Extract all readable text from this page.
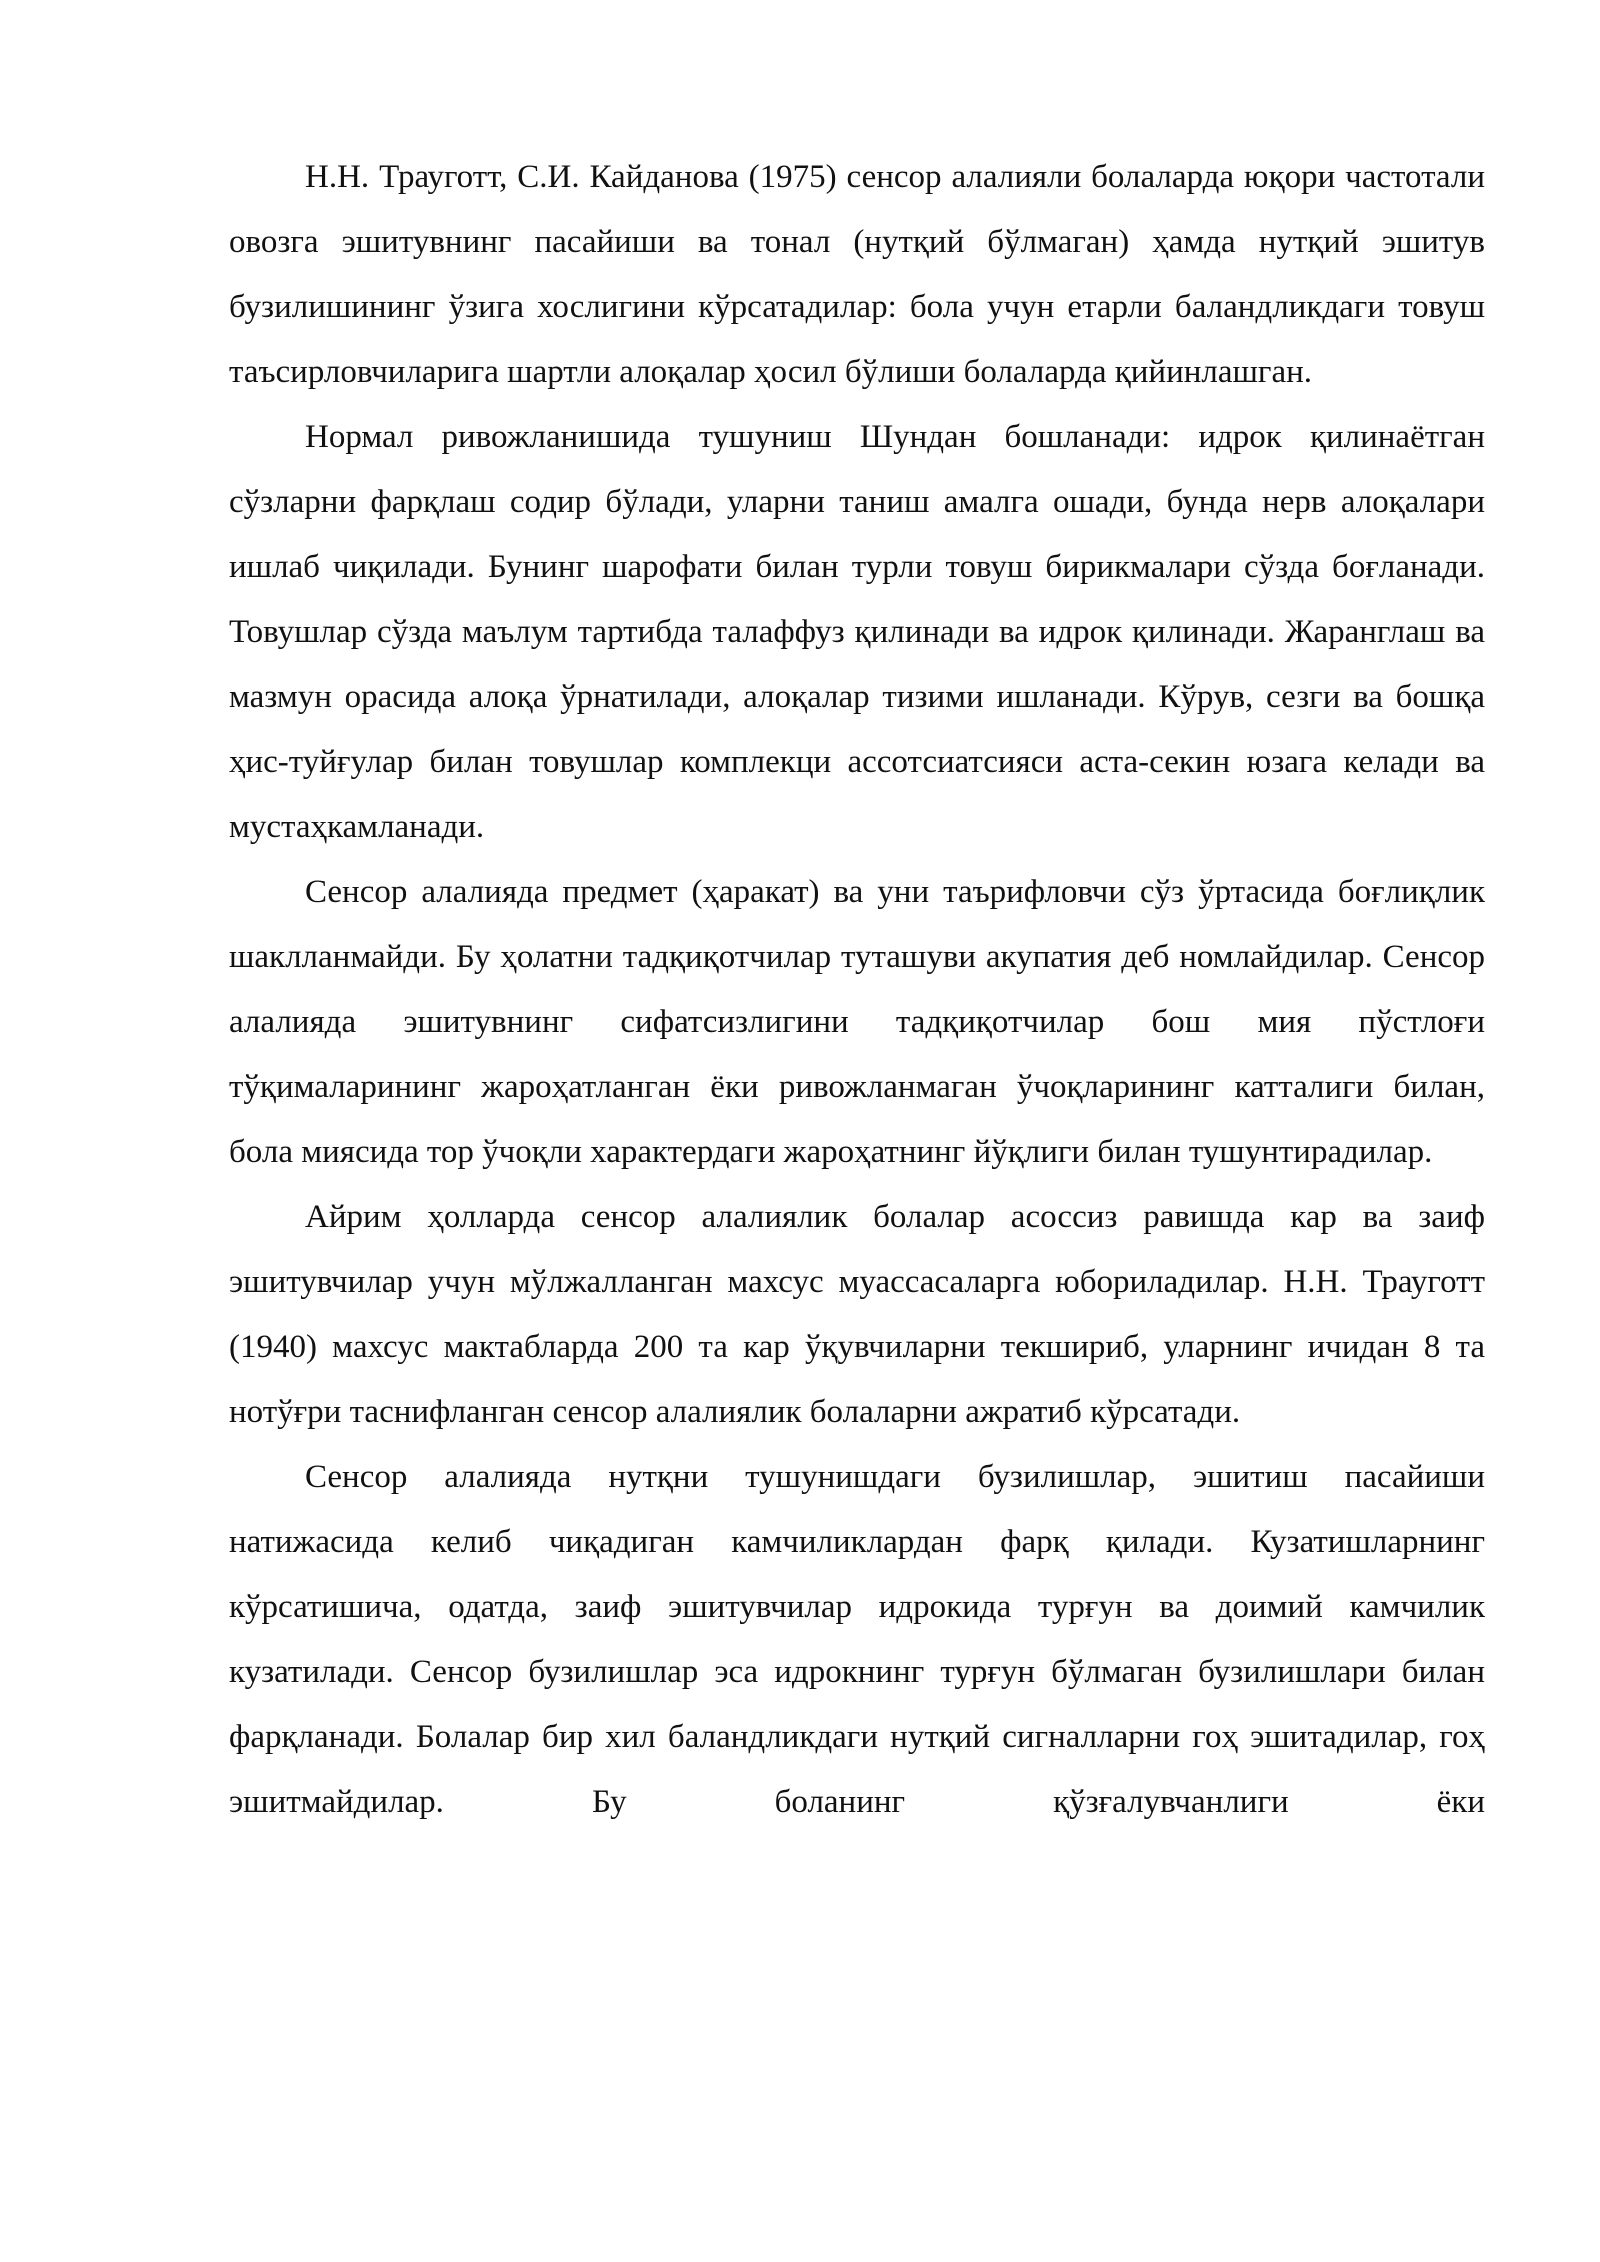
Н.Н. Трауготт, С.И. Кайданова (1975) сенсор алалияли болаларда юқори частотали овозга эшитувнинг пасайиши ва тонал (нутқий бўлмаган) ҳамда нутқий эшитув бузилишининг ўзига хослигини кўрсатадилар: бола учун етарли баландликдаги товуш таъсирловчиларига шартли алоқалар ҳосил бўлиши болаларда қийинлашган.

Нормал ривожланишида тушуниш Шундан бошланади: идрок қилинаётган сўзларни фарқлаш содир бўлади, уларни таниш амалга ошади, бунда нерв алоқалари ишлаб чиқилади. Бунинг шарофати билан турли товуш бирикмалари сўзда боғланади. Товушлар сўзда маълум тартибда талаффуз қилинади ва идрок қилинади. Жаранглаш ва мазмун орасида алоқа ўрнатилади, алоқалар тизими ишланади. Кўрув, сезги ва бошқа ҳис-туйғулар билан товушлар комплекци ассотсиатсияси аста-секин юзага келади ва мустаҳкамланади.

Сенсор алалияда предмет (ҳаракат) ва уни таърифловчи сўз ўртасида боғлиқлик шаклланмайди. Бу ҳолатни тадқиқотчилар туташуви акупатия деб номлайдилар. Сенсор алалияда эшитувнинг сифатсизлигини тадқиқотчилар бош мия пўстлоғи тўқималарининг жароҳатланган ёки ривожланмаган ўчоқларининг катталиги билан, бола миясида тор ўчоқли характердаги жароҳатнинг йўқлиги билан тушунтирадилар.

Айрим ҳолларда сенсор алалиялик болалар асоссиз равишда кар ва заиф эшитувчилар учун мўлжалланган махсус муассасаларга юбориладилар. Н.Н. Трауготт (1940) махсус мактабларда 200 та кар ўқувчиларни текшириб, уларнинг ичидан 8 та нотўғри таснифланган сенсор алалиялик болаларни ажратиб кўрсатади.

Сенсор алалияда нутқни тушунишдаги бузилишлар, эшитиш пасайиши натижасида келиб чиқадиган камчиликлардан фарқ қилади. Кузатишларнинг кўрсатишича, одатда, заиф эшитувчилар идрокида турғун ва доимий камчилик кузатилади. Сенсор бузилишлар эса идрокнинг турғун бўлмаган бузилишлари билан фарқланади. Болалар бир хил баландликдаги нутқий сигналларни гоҳ эшитадилар, гоҳ эшитмайдилар. Бу боланинг қўзғалувчанлиги ёки
